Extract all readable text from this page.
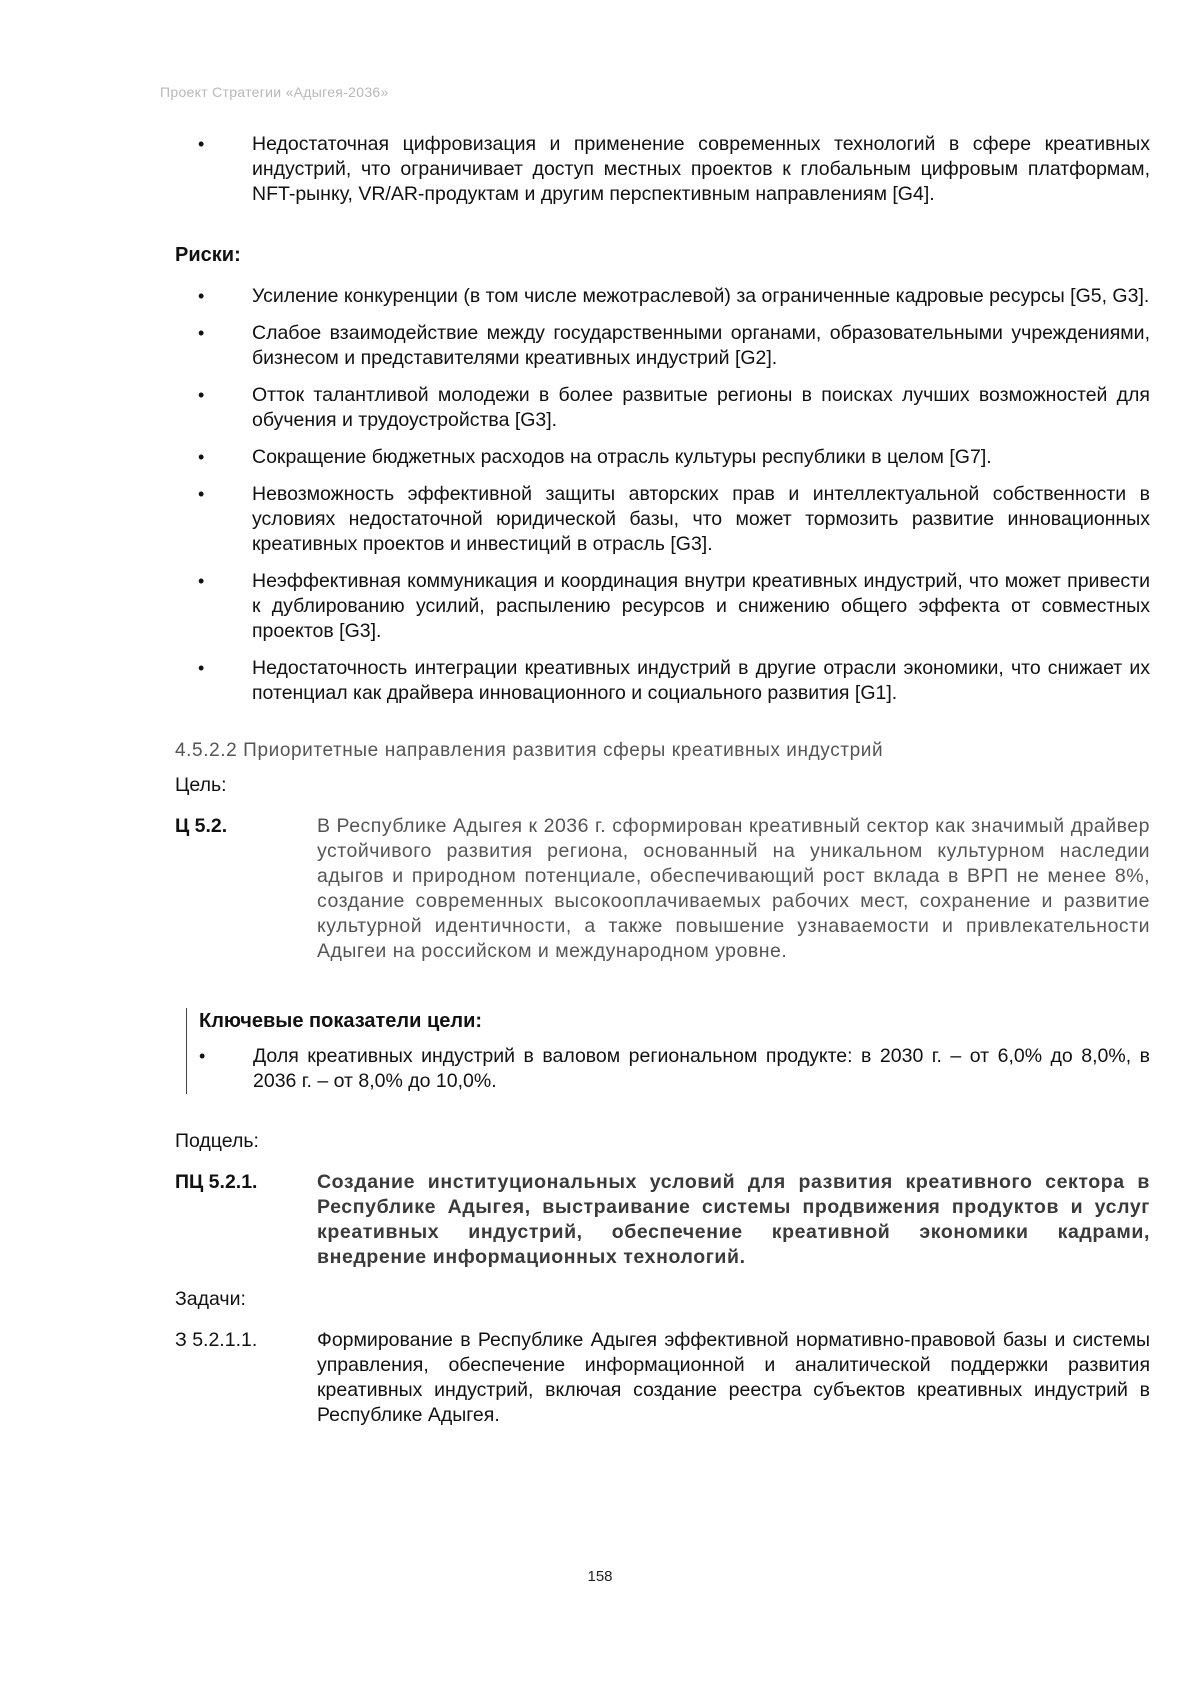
Проект Стратегии «Адыгея-2036»
• Недостаточная цифровизация и применение современных технологий в сфере креативных индустрий, что ограничивает доступ местных проектов к глобальным цифровым платформам, NFT-рынку, VR/AR-продуктам и другим перспективным направлениям [G4].
Риски:
• Усиление конкуренции (в том числе межотраслевой) за ограниченные кадровые ресурсы [G5, G3].
• Слабое взаимодействие между государственными органами, образовательными учреждениями, бизнесом и представителями креативных индустрий [G2].
• Отток талантливой молодежи в более развитые регионы в поисках лучших возможностей для обучения и трудоустройства [G3].
• Сокращение бюджетных расходов на отрасль культуры республики в целом [G7].
• Невозможность эффективной защиты авторских прав и интеллектуальной собственности в условиях недостаточной юридической базы, что может тормозить развитие инновационных креативных проектов и инвестиций в отрасль [G3].
• Неэффективная коммуникация и координация внутри креативных индустрий, что может привести к дублированию усилий, распылению ресурсов и снижению общего эффекта от совместных проектов [G3].
• Недостаточность интеграции креативных индустрий в другие отрасли экономики, что снижает их потенциал как драйвера инновационного и социального развития [G1].
4.5.2.2 Приоритетные направления развития сферы креативных индустрий
Цель:
Ц 5.2.	В Республике Адыгея к 2036 г. сформирован креативный сектор как значимый драйвер устойчивого развития региона, основанный на уникальном культурном наследии адыгов и природном потенциале, обеспечивающий рост вклада в ВРП не менее 8%, создание современных высокооплачиваемых рабочих мест, сохранение и развитие культурной идентичности, а также повышение узнаваемости и привлекательности Адыгеи на российском и международном уровне.
Ключевые показатели цели:
• Доля креативных индустрий в валовом региональном продукте: в 2030 г. – от 6,0% до 8,0%, в 2036 г. – от 8,0% до 10,0%.
Подцель:
ПЦ 5.2.1.	Создание институциональных условий для развития креативного сектора в Республике Адыгея, выстраивание системы продвижения продуктов и услуг креативных индустрий, обеспечение креативной экономики кадрами, внедрение информационных технологий.
Задачи:
З 5.2.1.1.	Формирование в Республике Адыгея эффективной нормативно-правовой базы и системы управления, обеспечение информационной и аналитической поддержки развития креативных индустрий, включая создание реестра субъектов креативных индустрий в Республике Адыгея.
158
